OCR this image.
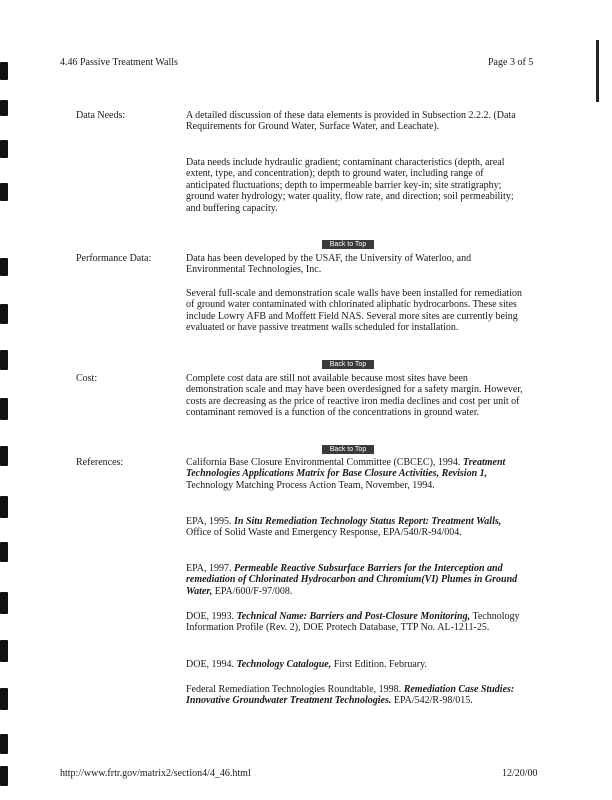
4.46 Passive Treatment Walls	Page 3 of 5
Data Needs:	A detailed discussion of these data elements is provided in Subsection 2.2.2. (Data Requirements for Ground Water, Surface Water, and Leachate).

Data needs include hydraulic gradient; contaminant characteristics (depth, areal extent, type, and concentration); depth to ground water, including range of anticipated fluctuations; depth to impermeable barrier key-in; site stratigraphy; ground water hydrology; water quality, flow rate, and direction; soil permeability; and buffering capacity.

Back to Top
Performance Data:	Data has been developed by the USAF, the University of Waterloo, and Environmental Technologies, Inc.

Several full-scale and demonstration scale walls have been installed for remediation of ground water contaminated with chlorinated aliphatic hydrocarbons. These sites include Lowry AFB and Moffett Field NAS. Several more sites are currently being evaluated or have passive treatment walls scheduled for installation.

Back to Top
Cost:	Complete cost data are still not available because most sites have been demonstration scale and may have been overdesigned for a safety margin. However, costs are decreasing as the price of reactive iron media declines and cost per unit of contaminant removed is a function of the concentrations in ground water.

Back to Top
References:	California Base Closure Environmental Committee (CBCEC), 1994. Treatment Technologies Applications Matrix for Base Closure Activities, Revision 1, Technology Matching Process Action Team, November, 1994.

EPA, 1995. In Situ Remediation Technology Status Report: Treatment Walls, Office of Solid Waste and Emergency Response, EPA/540/R-94/004.

EPA, 1997. Permeable Reactive Subsurface Barriers for the Interception and remediation of Chlorinated Hydrocarbon and Chromium(VI) Plumes in Ground Water, EPA/600/F-97/008.

DOE, 1993. Technical Name: Barriers and Post-Closure Monitoring, Technology Information Profile (Rev. 2), DOE Protech Database, TTP No. AL-1211-25.

DOE, 1994. Technology Catalogue, First Edition. February.

Federal Remediation Technologies Roundtable, 1998. Remediation Case Studies: Innovative Groundwater Treatment Technologies. EPA/542/R-98/015.

http://www.frtr.gov/matrix2/section4/4_46.html	12/20/00
